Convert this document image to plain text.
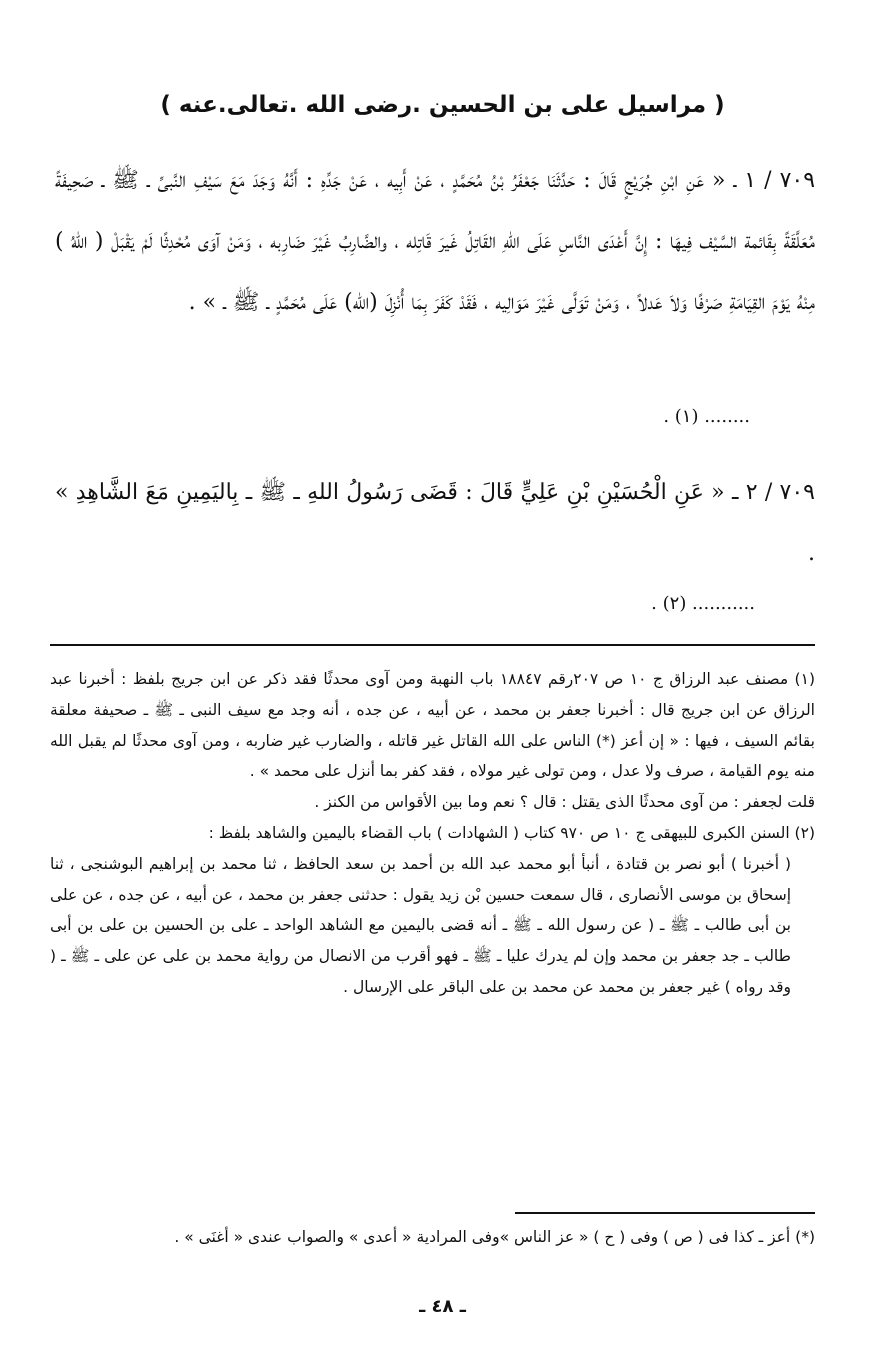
( مراسيل على بن الحسين .رضى الله .تعالى.عنه )
٧٠٩ / ١ ـ « عَنِ ابْنِ جُرَيْجٍ قَالَ : حَدَّثَنَا جَعْفَرُ بْنُ مُحَمَّدٍ ، عَنْ أَبِيه ، عَنْ جَدِّهِ : أَنَّهُ وَجَدَ مَعَ سَيْفِ النَّبىِّ ـ ﷺ ـ صَحِيفَةً مُعَلَّقَةً بِقَائمة السَّيْف فِيهَا : إِنَّ أَعْدَى النَّاسِ عَلَى اللهِ القَاتِلُ غَيرَ قَاتِله ، والضَّارِبُ غَيْرَ ضَارِبه ، وَمَنْ آوَى مُحْدِثًا لَمْ يَقْبَلْ ( اللهُ ) مِنْهُ يَوْمَ القِيَامَةِ صَرْفًا وَلاَ عَدلاً ، وَمَنْ تَوَلَّى غَيْرَ مَوَالِيه ، فَقَدْ كَفَرَ بِمَا أُنْزِلَ (الله) عَلَى مُحَمَّدٍ ـ ﷺ ـ » .
........ (١) .
٧٠٩ / ٢ ـ « عَنِ الْحُسَيْنِ بْنِ عَلِيٍّ قَالَ : قَضَى رَسُولُ اللهِ ـ ﷺ ـ بِاليَمِينِ مَعَ الشَّاهِدِ » .
........... (٢) .

(١) مصنف عبد الرزاق ج ١٠ ص ٢٠٧رقم ١٨٨٤٧ باب النهبة ومن آوى محدثًا فقد ذكر عن ابن جريج بلفظ : أخبرنا عبد الرزاق عن ابن جريج قال : أخبرنا جعفر بن محمد ، عن أبيه ، عن جده ، أنه وجد مع سيف النبى ـ ﷺ ـ صحيفة معلقة بقائم السيف ، فيها : « إن أعز (*) الناس على الله القاتل غير قاتله ، والضارب غير ضاربه ، ومن آوى محدثًا لم يقبل الله منه يوم القيامة ، صرف ولا عدل ، ومن تولى غير مولاه ، فقد كفر بما أنزل على محمد » .

قلت لجعفر : من آوى محدثًا الذى يقتل : قال ؟ نعم وما بين الأقواس من الكنز .

(٢) السنن الكبرى للبيهقى ج ١٠ ص ٩٧٠ كتاب ( الشهادات ) باب القضاء باليمين والشاهد بلفظ :

( أخبرنا ) أبو نصر بن قتادة ، أنبأ أبو محمد عبد الله بن أحمد بن سعد الحافظ ، ثنا محمد بن إبراهيم البوشنجى ، ثنا إسحاق بن موسى الأنصارى ، قال سمعت حسين بْن زيد يقول : حدثنى جعفر بن محمد ، عن أبيه ، عن جده ، عن على بن أبى طالب ـ ﷺ ـ ( عن رسول الله ـ ﷺ ـ أنه قضى باليمين مع الشاهد الواحد ـ على بن الحسين بن على بن أبى طالب ـ جد جعفر بن محمد وإن لم يدرك عليا ـ ﷺ ـ فهو أقرب من الانصال من رواية محمد بن على عن على ـ ﷺ ـ ( وقد رواه ) غير جعفر بن محمد عن محمد بن على الباقر على الإرسال .

(*) أعز ـ كذا فى ( ص ) وفى ( ح ) « عز الناس »وفى المرادية « أعدى » والصواب عندى « أغنَى » .
ـ ٤٨ ـ
